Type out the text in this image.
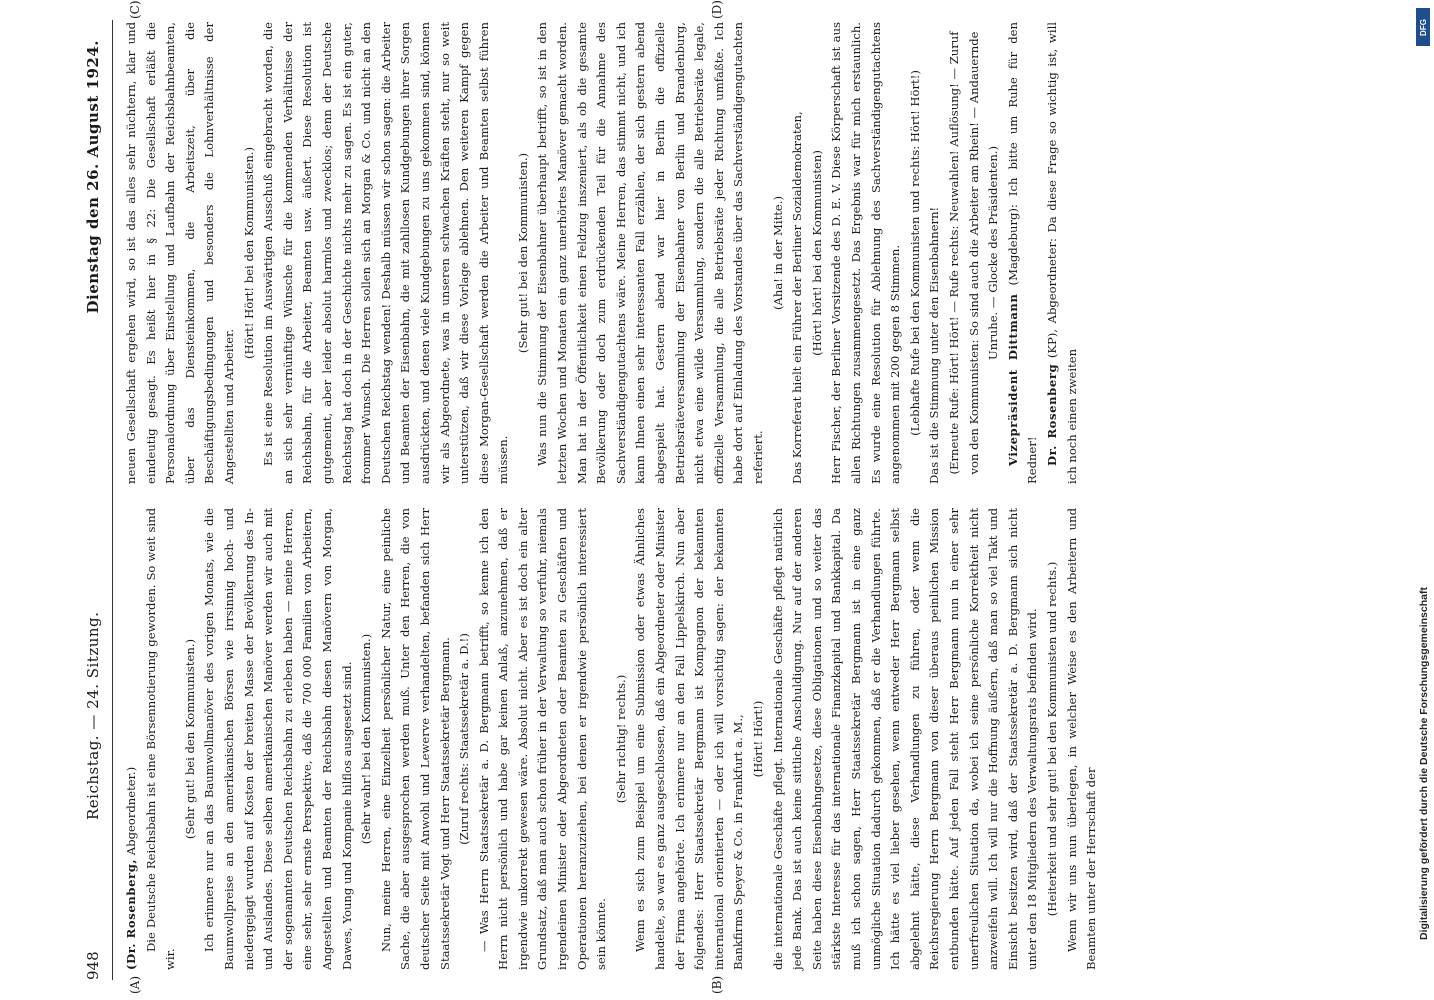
948
Reichstag. — 24. Sitzung.
Dienstag den 26. August 1924.

(Dr. Rosenberg, Abgeordneter.) Die Deutsche Reichsbahn ist eine Börsennotierung geworden. So weit sind wir.

(Sehr gut! bei den Kommunisten.) Ich erinnere nur an das Baumwollmanöver des vorigen Monats, wie die Baumwollpreise an den amerikanischen Börsen wie irrsinnig hoch- und niedergejagt wurden auf Kosten der breiten Masse der Bevölkerung des In- und Auslandes. Diese selben amerikanischen Manöver werden wir auch mit der sogenannten Deutschen Reichsbahn zu erleben haben — meine Herren, eine sehr, sehr ernste Perspektive, daß die 700 000 Familien von Arbeitern, Angestellten und Beamten der Reichsbahn diesen Manövern von Morgan, Dawes, Young und Kompanie hilflos ausgesetzt sind. (Sehr wahr! bei den Kommunisten.) Nun, meine Herren, eine Einzelheit persönlicher Natur, eine peinliche Sache, die aber ausgesprochen werden muß. Unter den Herren, die von deutscher Seite mit Anwohl und Lewerve verhandelten, befanden sich Herr Staatssekretär Vogt und Herr Staatssekretär Bergmann. (Zuruf rechts: Staatssekretär a. D.!) — Was Herrn Staatssekretär a. D. Bergmann betrifft, so kenne ich den Herrn nicht persönlich und habe gar keinen Anlaß, anzunehmen, daß er irgendwie unkorrekt gewesen wäre. Absolut nicht. Aber es ist doch ein alter Grundsatz, daß man auch schon früher in der Verwaltung so verfuhr, niemals irgendeinen Minister oder Abgeordneten oder Beamten zu Geschäften und Operationen heranzuziehen, bei denen er irgendwie persönlich interessiert sein könnte.

(Sehr richtig! rechts.) Wenn es sich zum Beispiel um eine Submission oder etwas Ähnliches handelte, so war es ganz ausgeschlossen, daß ein Abgeordneter oder Minister der Firma angehörte. Ich erinnere nur an den Fall Lippelskirch. Nun aber folgendes: Herr Staatssekretär Bergmann ist Kompagnon der bekannten international orientierten — oder ich will vorsichtig sagen: der bekannten Bankfirma Speyer & Co. in Frankfurt a. M., (Hört! Hört!) die internationale Geschäfte pflegt. Internationale Geschäfte pflegt natürlich jede Bank. Das ist auch keine sittliche Anschuldigung. Nur auf der anderen Seite haben diese Eisenbahngesetze, diese Obligationen und so weiter das stärkste Interesse für das internationale Finanzkapital und Bankkapital. Da muß ich schon sagen, Herr Staatssekretär Bergmann ist in eine ganz unmögliche Situation dadurch gekommen, daß er die Verhandlungen führte. Ich hätte es viel lieber gesehen, wenn entweder Herr Bergmann selbst abgelehnt hätte, diese Verhandlungen zu führen, oder wenn die Reichsregierung Herrn Bergmann von dieser überaus peinlichen Mission entbunden hätte. Auf jeden Fall steht Herr Bergmann nun in einer sehr unerfreulichen Situation da, wobei ich seine persönliche Korrektheit nicht anzweifeln will. Ich will nur die Hoffnung äußern, daß man so viel Takt und Einsicht besitzen wird, daß der Staatssekretär a. D. Bergmann sich nicht unter den 18 Mitgliedern des Verwaltungsrats befinden wird. (Heiterkeit und sehr gut! bei den Kommunisten und rechts.) Wenn wir uns nun überlegen, in welcher Weise es den Arbeitern und Beamten unter der Herrschaft der

neuen Gesellschaft ergehen wird, so ist das alles sehr nüchtern, klar und eindeutig gesagt. Es heißt hier in § 22: Die Gesellschaft erläßt die Personalordnung über Einstellung und Laufbahn der Reichsbahnbeamten, über das Diensteinkommen, die Arbeitszeit, über die Beschäftigungsbedingungen und besonders die Lohnverhältnisse der Angestellten und Arbeiter.

(Hört! Hört! bei den Kommunisten.) Es ist eine Resolution im Auswärtigen Ausschuß eingebracht worden, die an sich sehr vernünftige Wünsche für die kommenden Verhältnisse der Reichsbahn, für die Arbeiter, Beamten usw. äußert. Diese Resolution ist gutgemeint, aber leider absolut harmlos und zwecklos; denn der Deutsche Reichstag hat doch in der Geschichte nichts mehr zu sagen. Es ist ein guter, frommer Wunsch. Die Herren sollen sich an Morgan & Co. und nicht an den Deutschen Reichstag wenden! Deshalb müssen wir schon sagen: die Arbeiter und Beamten der Eisenbahn, die mit zahllosen Kundgebungen ihrer Sorgen ausdrückten, und denen viele Kundgebungen zu uns gekommen sind, können wir als Abgeordnete, was in unseren schwachen Kräften steht, nur so weit unterstützen, daß wir diese Vorlage ablehnen. Den weiteren Kampf gegen diese Morgan-Gesellschaft werden die Arbeiter und Beamten selbst führen müssen.

(Sehr gut! bei den Kommunisten.) Was nun die Stimmung der Eisenbahner überhaupt betrifft, so ist in den letzten Wochen und Monaten ein ganz unerhörtes Manöver gemacht worden. Man hat in der Öffentlichkeit einen Feldzug inszeniert, als ob die gesamte Bevölkerung oder doch zum erdrückenden Teil für die Annahme des Sachverständigengutachtens wäre. Meine Herren, das stimmt nicht, und ich kann Ihnen einen sehr interessanten Fall erzählen, der sich gestern abend abgespielt hat. Gestern abend war hier in Berlin die offizielle Betriebsräteversammlung der Eisenbahner von Berlin und Brandenburg, nicht etwa eine wilde Versammlung, sondern die alle Betriebsräte legale, offizielle Versammlung, die alle Betriebsräte jeder Richtung umfaßte. Ich habe dort auf Einladung des Vorstandes über das Sachverständigengutachten referiert.

(Aha! in der Mitte.) Das Korreferat hielt ein Führer der Berliner Sozialdemokraten, (Hört! hört! bei den Kommunisten) Herr Fischer, der Berliner Vorsitzende des D. E. V. Diese Körperschaft ist aus allen Richtungen zusammengesetzt. Das Ergebnis war für mich erstaunlich. Es wurde eine Resolution für Ablehnung des Sachverständigengutachtens angenommen mit 200 gegen 8 Stimmen. (Lebhafte Rufe bei den Kommunisten und rechts: Hört! Hört!) Das ist die Stimmung unter den Eisenbahnern! (Erneute Rufe: Hört! Hört! — Rufe rechts: Neuwahlen! Auflösung! — Zuruf von den Kommunisten: So sind auch die Arbeiter am Rhein! — Andauernde Unruhe. — Glocke des Präsidenten.)

Vizepräsident Dittmann (Magdeburg): Ich bitte um Ruhe für den Redner! Dr. Rosenberg (KP), Abgeordneter: Da diese Frage so wichtig ist, will ich noch einen zweiten

(A)	(B)
(C)	(D)
DFG
Digitalisierung gefördert durch die Deutsche Forschungsgemeinschaft
